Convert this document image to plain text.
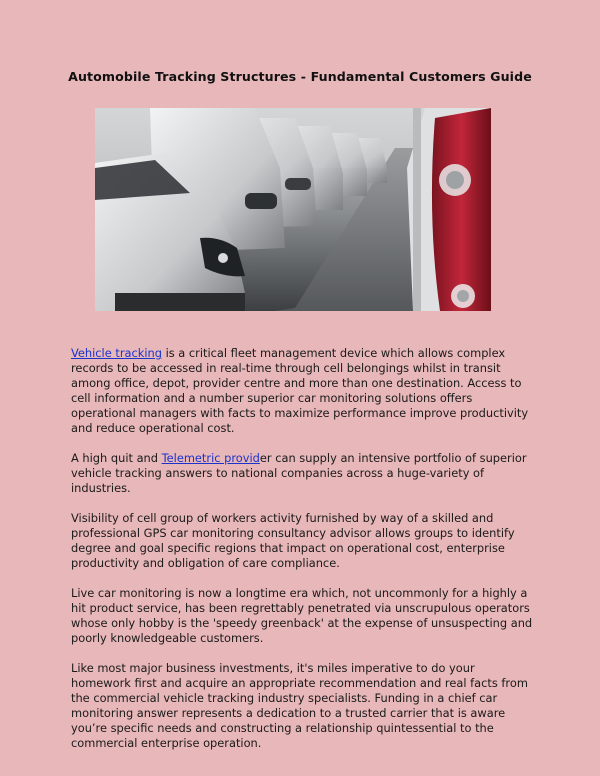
Automobile Tracking Structures - Fundamental Customers Guide

Vehicle tracking is a critical fleet management device which allows complex records to be accessed in real-time through cell belongings whilst in transit among office, depot, provider centre and more than one destination. Access to cell information and a number superior car monitoring solutions offers operational managers with facts to maximize performance improve productivity and reduce operational cost.

A high quit and Telemetric provider can supply an intensive portfolio of superior vehicle tracking answers to national companies across a huge-variety of industries.

Visibility of cell group of workers activity furnished by way of a skilled and professional GPS car monitoring consultancy advisor allows groups to identify degree and goal specific regions that impact on operational cost, enterprise productivity and obligation of care compliance.

Live car monitoring is now a longtime era which, not uncommonly for a highly a hit product service, has been regrettably penetrated via unscrupulous operators whose only hobby is the 'speedy greenback' at the expense of unsuspecting and poorly knowledgeable customers.

Like most major business investments, it's miles imperative to do your homework first and acquire an appropriate recommendation and real facts from the commercial vehicle tracking industry specialists. Funding in a chief car monitoring answer represents a dedication to a trusted carrier that is aware you’re specific needs and constructing a relationship quintessential to the commercial enterprise operation.
